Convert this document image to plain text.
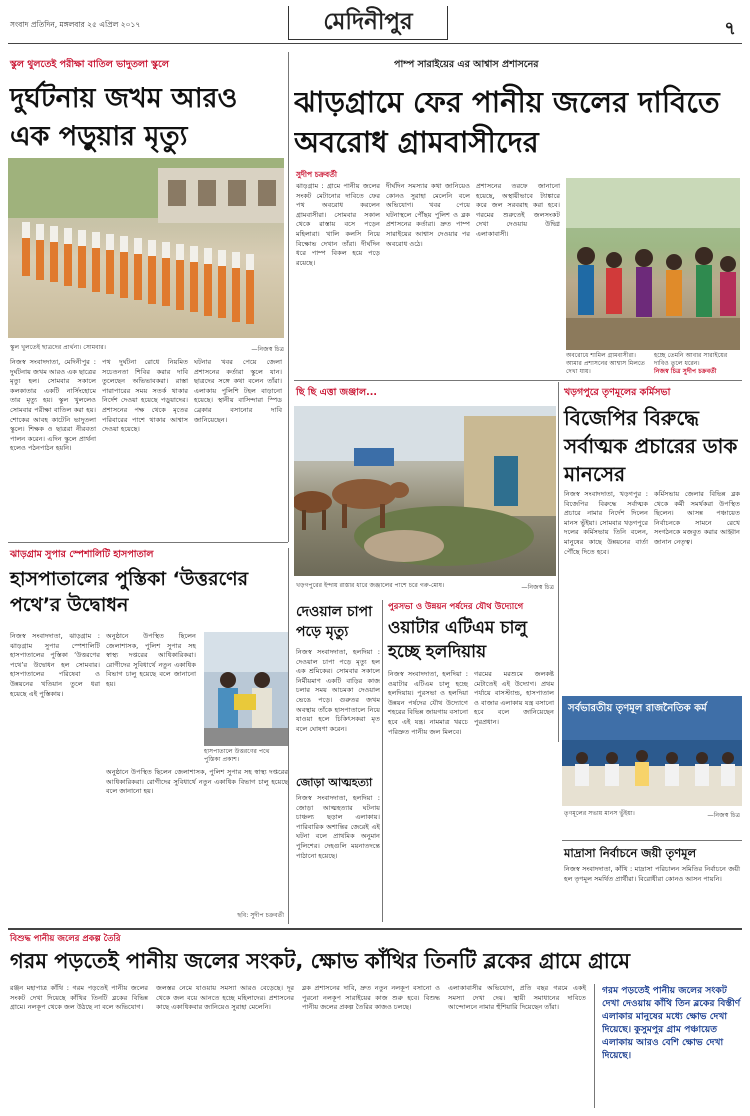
সংবাদ প্রতিদিন, মঙ্গলবার ২৫ এপ্রিল ২০১৭	মেদিনীপুর	৭
স্কুল থুলতেই পরীক্ষা বাতিল ভাদুতলা স্কুলে
দুর্ঘটনায় জখম আরও এক পড়ুয়ার মৃত্যু
স্কুল খুলতেই ছাত্রদের প্রার্থনা। সোমবার।	—নিজস্ব চিত্র
নিজস্ব সংবাদদাতা, মেদিনীপুর : দুর্ঘটনায় জখম আরও এক ছাত্রের মৃত্যু হল। সোমবার সকালে কলকাতার একটি নার্সিংহোমে তার মৃত্যু হয়। স্কুল খুললেও সোমবার পরীক্ষা বাতিল করা হয়। শোকের আবহ কাটেনি ভাদুতলা স্কুলে। শিক্ষক ও ছাত্ররা নীরবতা পালন করেন। এদিন স্কুলে প্রার্থনা হলেও পঠনপাঠন হয়নি।
পথ দুর্ঘটনা রোধে নিয়মিত সচেতনতা শিবির করার দাবি তুলেছেন অভিভাবকরা। রাস্তা পারাপারের সময় সতর্ক থাকার নির্দেশ দেওয়া হয়েছে পড়ুয়াদের। প্রশাসনের পক্ষ থেকে মৃতের পরিবারের পাশে থাকার আশ্বাস দেওয়া হয়েছে।
ঘটনার খবর পেয়ে জেলা প্রশাসনের কর্তারা স্কুলে যান। ছাত্রদের সঙ্গে কথা বলেন তাঁরা। এলাকায় পুলিশি টহল বাড়ানো হয়েছে। স্থানীয় বাসিন্দারা স্পিড ব্রেকার বসানোর দাবি জানিয়েছেন।
পাম্প সারাইয়ের এর আশ্বাস প্রশাসনের
ঝাড়গ্রামে ফের পানীয় জলের দাবিতে অবরোধ গ্রামবাসীদের
সুদীপ চক্রবর্তী
ঝাড়গ্রাম : গ্রামে পানীয় জলের সংকট মেটানোর দাবিতে ফের পথ অবরোধ করলেন গ্রামবাসীরা। সোমবার সকাল থেকে রাস্তায় বসে পড়েন মহিলারা। খালি কলসি নিয়ে বিক্ষোভ দেখান তাঁরা। দীর্ঘদিন ধরে পাম্প বিকল হয়ে পড়ে রয়েছে।
দীর্ঘদিন সমস্যার কথা জানিয়েও কোনও সুরাহা মেলেনি বলে অভিযোগ। খবর পেয়ে ঘটনাস্থলে পৌঁছয় পুলিশ ও ব্লক প্রশাসনের কর্তারা। দ্রুত পাম্প সারাইয়ের আশ্বাস দেওয়ার পর অবরোধ ওঠে।
প্রশাসনের তরফে জানানো হয়েছে, অস্থায়ীভাবে ট্যাঙ্কারে করে জল সরবরাহ করা হবে। গরমের শুরুতেই জলসংকট দেখা দেওয়ায় উদ্বিগ্ন এলাকাবাসী।
অবরোধে শামিল গ্রামবাসীরা। আমার প্রশাসনের আশ্বাস মিলতে দেখা যায়।
হচ্ছে তেমনি আবার সারাইয়ের দাবিও তুলে ধরেন।
নিজস্ব চিত্র সুদীপ চক্রবর্তী
ছি ছি এত্তা জঞ্জাল...
খড়গপুরের ইন্দায় রাস্তার ধারে জঞ্জালের পাশে চরে গরু-মোষ।	—নিজস্ব চিত্র
খড়গপুরে তৃণমূলের কর্মিসভা
বিজেপির বিরুদ্ধে সর্বাত্মক প্রচারের ডাক মানসের
নিজস্ব সংবাদদাতা, খড়গপুর : বিজেপির বিরুদ্ধে সর্বাত্মক প্রচারে নামার নির্দেশ দিলেন মানস ভুঁইয়া। সোমবার খড়গপুরে দলের কর্মিসভায় তিনি বলেন, মানুষের কাছে উন্নয়নের বার্তা পৌঁছে দিতে হবে।
কর্মিসভায় জেলার বিভিন্ন ব্লক থেকে কর্মী সমর্থকরা উপস্থিত ছিলেন। আসন্ন পঞ্চায়েত নির্বাচনকে সামনে রেখে সংগঠনকে মজবুত করার আহ্বান জানান নেতৃত্ব।
সর্বভারতীয় তৃণমূল রাজনৈতিক কর্ম
তৃণমূলের সভায় মানস ভুঁইয়া।	—নিজস্ব চিত্র
মাদ্রাসা নির্বাচনে জয়ী তৃণমূল
নিজস্ব সংবাদদাতা, কাঁথি : মাদ্রাসা পরিচালন সমিতির নির্বাচনে জয়ী হল তৃণমূল সমর্থিত প্রার্থীরা। বিরোধীরা কোনও আসন পায়নি।
ঝাড়গ্রাম সুপার স্পেশালিটি হাসপাতাল
হাসপাতালের পুস্তিকা ‘উত্তরণের পথে’র উদ্বোধন
নিজস্ব সংবাদদাতা, ঝাড়গ্রাম : ঝাড়গ্রাম সুপার স্পেশালিটি হাসপাতালের পুস্তিকা ‘উত্তরণের পথে’র উদ্বোধন হল সোমবার। হাসপাতালের পরিষেবা ও উন্নয়নের খতিয়ান তুলে ধরা হয়েছে এই পুস্তিকায়।
অনুষ্ঠানে উপস্থিত ছিলেন জেলাশাসক, পুলিশ সুপার সহ স্বাস্থ্য দপ্তরের আধিকারিকরা। রোগীদের সুবিধার্থে নতুন একাধিক বিভাগ চালু হয়েছে বলে জানানো হয়।
হাসপাতালে উত্তরণের পথে পুস্তিকা প্রকাশ।
অনুষ্ঠানে উপস্থিত ছিলেন জেলাশাসক, পুলিশ সুপার সহ স্বাস্থ্য দপ্তরের আধিকারিকরা। রোগীদের সুবিধার্থে নতুন একাধিক বিভাগ চালু হয়েছে বলে জানানো হয়।
ছবি: সুদীপ চক্রবর্তী
দেওয়াল চাপা পড়ে মৃত্যু
নিজস্ব সংবাদদাতা, হলদিয়া : দেওয়াল চাপা পড়ে মৃত্যু হল এক শ্রমিকের। সোমবার সকালে নির্মীয়মাণ একটি বাড়ির কাজ চলার সময় আচমকা দেওয়াল ভেঙে পড়ে। গুরুতর জখম অবস্থায় তাঁকে হাসপাতালে নিয়ে যাওয়া হলে চিকিৎসকরা মৃত বলে ঘোষণা করেন।
জোড়া আত্মহত্যা
নিজস্ব সংবাদদাতা, হলদিয়া : জোড়া আত্মহত্যার ঘটনায় চাঞ্চল্য ছড়াল এলাকায়। পারিবারিক অশান্তির জেরেই এই ঘটনা বলে প্রাথমিক অনুমান পুলিশের। দেহগুলি ময়নাতদন্তে পাঠানো হয়েছে।
পুরসভা ও উন্নয়ন পর্ষদের যৌথ উদ্যোগে
ওয়াটার এটিএম চালু হচ্ছে হলদিয়ায়
নিজস্ব সংবাদদাতা, হলদিয়া : ওয়াটার এটিএম চালু হচ্ছে হলদিয়ায়। পুরসভা ও হলদিয়া উন্নয়ন পর্ষদের যৌথ উদ্যোগে শহরের বিভিন্ন জায়গায় বসানো হবে এই যন্ত্র। নামমাত্র খরচে পরিস্রুত পানীয় জল মিলবে।
গরমের মরশুমে জলকষ্ট মেটাতেই এই উদ্যোগ। প্রথম পর্যায়ে বাসস্ট্যান্ড, হাসপাতাল ও বাজার এলাকায় যন্ত্র বসানো হবে বলে জানিয়েছেন পুরপ্রধান।
বিশুদ্ধ পানীয় জলের প্রকল্প তৈরি
গরম পড়তেই পানীয় জলের সংকট, ক্ষোভ কাঁথির তিনটি ব্লকের গ্রামে গ্রামে
রঞ্জন মহাপাত্র কাঁথি : গরম পড়তেই পানীয় জলের সংকট দেখা দিয়েছে কাঁথির তিনটি ব্লকের বিভিন্ন গ্রামে। নলকূপ থেকে জল উঠছে না বলে অভিযোগ।
জলস্তর নেমে যাওয়ায় সমস্যা আরও বেড়েছে। দূর থেকে জল বয়ে আনতে হচ্ছে মহিলাদের। প্রশাসনের কাছে একাধিকবার জানিয়েও সুরাহা মেলেনি।
ব্লক প্রশাসনের দাবি, দ্রুত নতুন নলকূপ বসানো ও পুরনো নলকূপ সারাইয়ের কাজ শুরু হবে। বিশুদ্ধ পানীয় জলের প্রকল্প তৈরির কাজও চলছে।
এলাকাবাসীর অভিযোগ, প্রতি বছর গরমে একই সমস্যা দেখা দেয়। স্থায়ী সমাধানের দাবিতে আন্দোলনে নামার হুঁশিয়ারি দিয়েছেন তাঁরা।
গরম পড়তেই পানীয় জলের সংকট দেখা দেওয়ায় কাঁথি তিন ব্লকের বিস্তীর্ণ এলাকার মানুষের মধ্যে ক্ষোভ দেখা দিয়েছে। কুসুমপুর গ্রাম পঞ্চায়েত এলাকায় আরও বেশি ক্ষোভ দেখা দিয়েছে।
